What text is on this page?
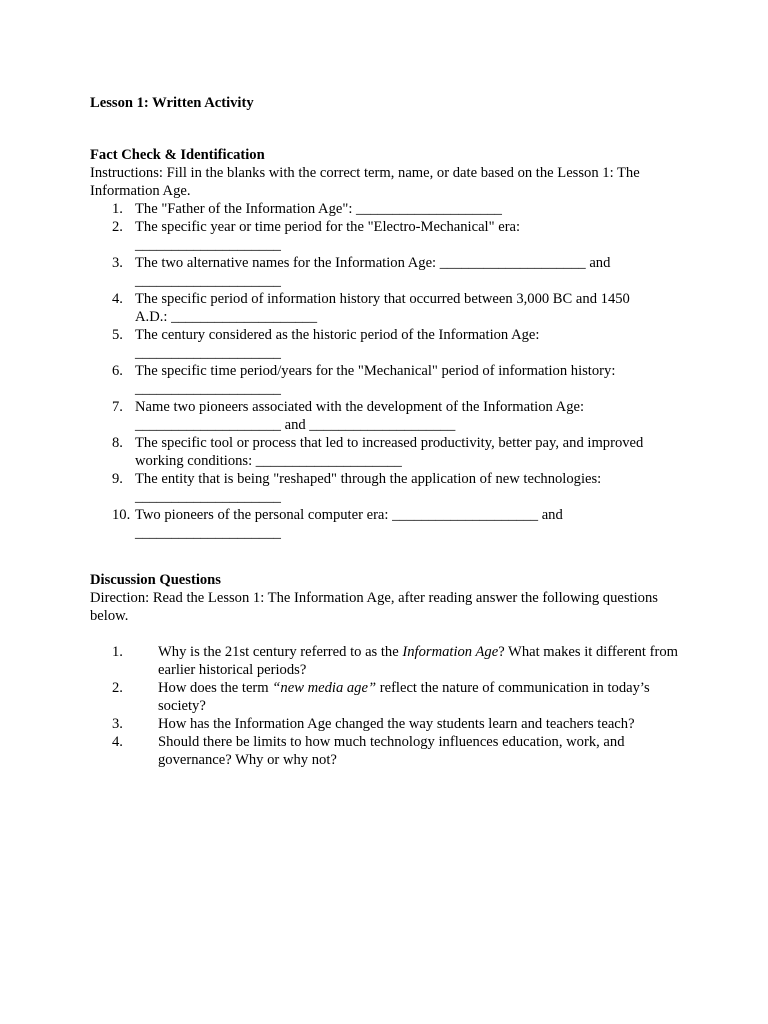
Lesson 1: Written Activity

Fact Check & Identification

Instructions: Fill in the blanks with the correct term, name, or date based on the Lesson 1: The Information Age.

1. The "Father of the Information Age": ____________________
2. The specific year or time period for the "Electro-Mechanical" era:
____________________
3. The two alternative names for the Information Age: ____________________ and
____________________
4. The specific period of information history that occurred between 3,000 BC and 1450
A.D.: ____________________
5. The century considered as the historic period of the Information Age:
____________________
6. The specific time period/years for the "Mechanical" period of information history:
____________________
7. Name two pioneers associated with the development of the Information Age:
____________________ and ____________________
8. The specific tool or process that led to increased productivity, better pay, and improved
working conditions: ____________________
9. The entity that is being "reshaped" through the application of new technologies:
____________________
10. Two pioneers of the personal computer era: ____________________ and
____________________

Discussion Questions

Direction: Read the Lesson 1: The Information Age, after reading answer the following questions below.

1.	Why is the 21st century referred to as the Information Age? What makes it different from earlier historical periods?
2.	How does the term “new media age” reflect the nature of communication in today’s society?
3.	How has the Information Age changed the way students learn and teachers teach?
4.	Should there be limits to how much technology influences education, work, and governance? Why or why not?
